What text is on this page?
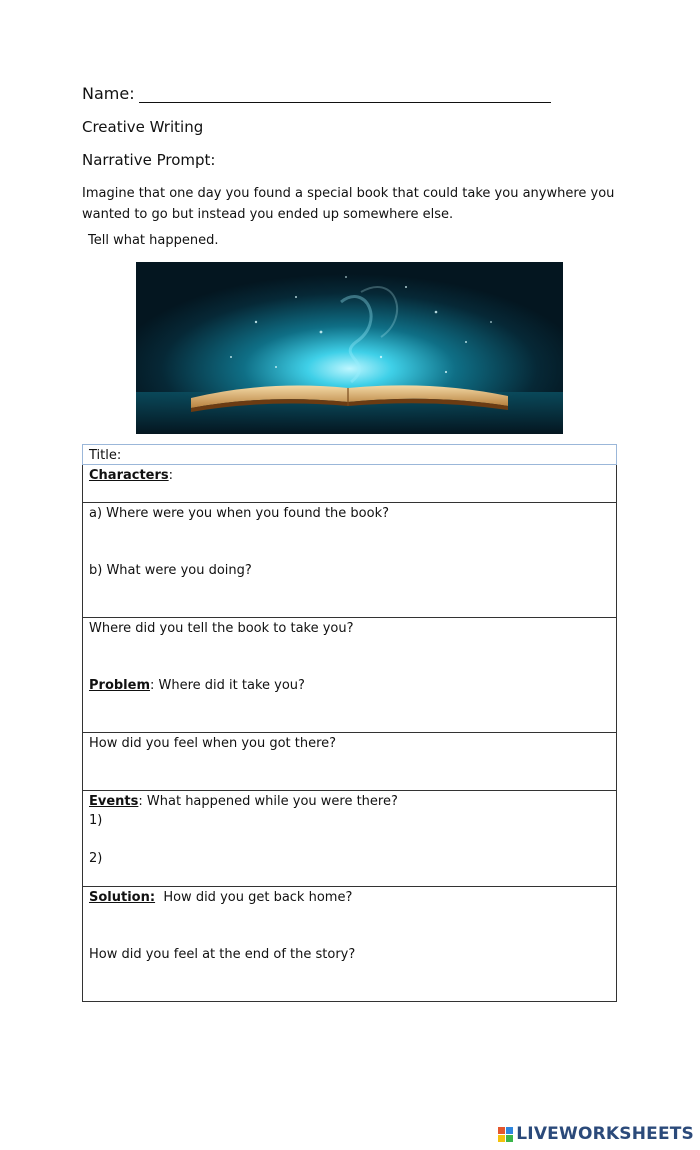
Name:
Creative Writing
Narrative Prompt:
Imagine that one day you found a special book that could take you anywhere you wanted to go but instead you ended up somewhere else.
Tell what happened.
Title:
Characters:
a) Where were you when you found the book?
b) What were you doing?
Where did you tell the book to take you?
Problem: Where did it take you?
How did you feel when you got there?
Events: What happened while you were there?
1)
2)
Solution:  How did you get back home?
How did you feel at the end of the story?
LIVEWORKSHEETS
